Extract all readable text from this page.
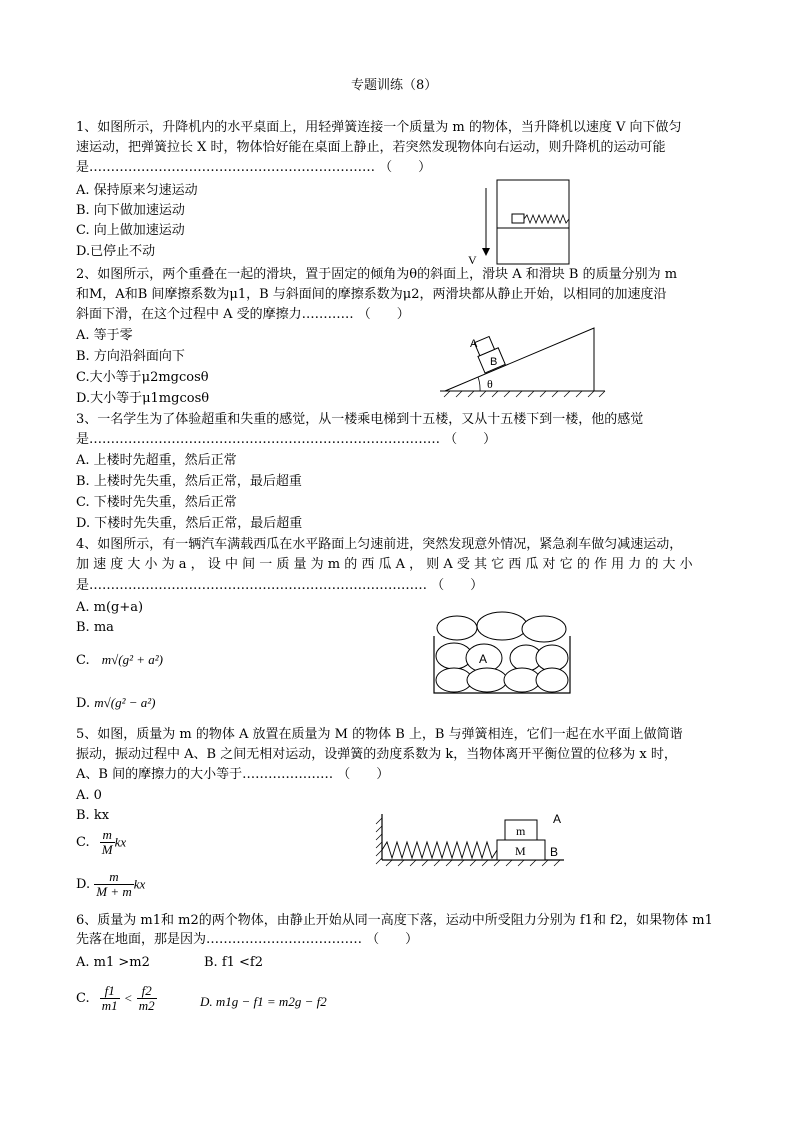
专题训练（8）
1、如图所示，升降机内的水平桌面上，用轻弹簧连接一个质量为 m 的物体，当升降机以速度 V 向下做匀
速运动，把弹簧拉长 X 时，物体恰好能在桌面上静止，若突然发现物体向右运动，则升降机的运动可能
是………………………………………………………… （　　）
A. 保持原来匀速运动
B. 向下做加速运动
C. 向上做加速运动
D.已停止不动
V
2、如图所示，两个重叠在一起的滑块，置于固定的倾角为θ的斜面上，滑块 A 和滑块 B 的质量分别为 m
和M，A和B 间摩擦系数为μ1，B 与斜面间的摩擦系数为μ2，两滑块都从静止开始，以相同的加速度沿
斜面下滑，在这个过程中 A 受的摩擦力………… （　　）
A. 等于零
B. 方向沿斜面向下
C.大小等于μ2mgcosθ
D.大小等于μ1mgcosθ
B
A
θ
3、一名学生为了体验超重和失重的感觉，从一楼乘电梯到十五楼，又从十五楼下到一楼，他的感觉
是……………………………………………………………………… （　　）
A. 上楼时先超重，然后正常
B. 上楼时先失重，然后正常，最后超重
C. 下楼时先失重，然后正常
D. 下楼时先失重，然后正常，最后超重
4、如图所示，有一辆汽车满载西瓜在水平路面上匀速前进，突然发现意外情况，紧急刹车做匀减速运动，
加 速 度 大 小 为 a ， 设 中 间 一 质 量 为 m 的 西 瓜 A ， 则 A 受 其 它 西 瓜 对 它 的 作 用 力 的 大 小
是…………………………………………………………………… （　　）
A. m(g+a)
B. ma
C. m√(g² + a²)
D. m√(g² − a²)
A
5、如图，质量为 m 的物体 A 放置在质量为 M 的物体 B 上，B 与弹簧相连，它们一起在水平面上做简谐
振动，振动过程中 A、B 之间无相对运动，设弹簧的劲度系数为 k，当物体离开平衡位置的位移为 x 时，
A、B 间的摩擦力的大小等于………………… （　　）
A. 0
B. kx
C. $\frac{m}{M}$ kx
D. $\frac{m}{M + m}$ kx
m
M
A
B
6、质量为 m1和 m2的两个物体，由静止开始从同一高度下落，运动中所受阻力分别为 f1和 f2，如果物体 m1
先落在地面，那是因为……………………………… （　　）
A. m1 >m2	B. f1 <f2
C. $\frac{f1}{m1} < \frac{f2}{m2}$	D. m1g − f1 = m2g − f2
